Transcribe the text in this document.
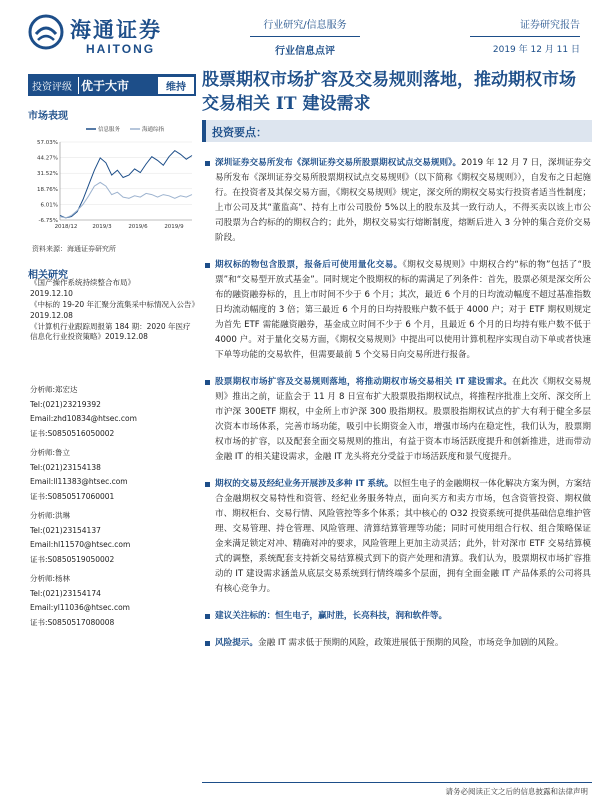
海通证券
HAITONG
行业研究/信息服务
行业信息点评
证券研究报告
2019 年 12 月 11 日
投资评级 优于大市	维持 股票期权市场扩容及交易规则落地，推动期权市场交易相关 IT 建设需求
市场表现
信息服务	海通综指
57.03%
44.27%
31.52%
18.76%
6.01%
-6.75%
2018/12	2019/3	2019/6	2019/9
资料来源：海通证券研究所
相关研究
《国产操作系统持续整合布局》
2019.12.10
《中标的 19-20 年汇聚分流集采中标情况入公告》2019.12.08
《计算机行业跟踪周报第 184 期：2020 年医疗信息化行业投资策略》2019.12.08
分析师:郑宏达
Tel:(021)23219392
Email:zhd10834@htsec.com
证书:S0850516050002
分析师:鲁立
Tel:(021)23154138
Email:ll11383@htsec.com
证书:S0850517060001
分析师:洪琳
Tel:(021)23154137
Email:hl11570@htsec.com
证书:S0850519050002
分析师:杨林
Tel:(021)23154174
Email:yl11036@htsec.com
证书:S0850517080008
投资要点：
深圳证券交易所发布《深圳证券交易所股票期权试点交易规则》。2019 年 12 月 7 日，深圳证券交易所发布《深圳证券交易所股票期权试点交易规则》（以下简称《期权交易规则》），自发布之日起施行。在投资者及其保交易方面，《期权交易规则》规定，深交所的期权交易实行投资者适当性制度；上市公司及其“董监高”、持有上市公司股份 5%以上的股东及其一致行动人，不得买卖以该上市公司股票为合约标的的期权合约；此外，期权交易实行熔断制度，熔断后进入 3 分钟的集合竞价交易阶段。
期权标的物包含股票，报备后可使用量化交易。《期权交易规则》中期权合约“标的物”包括了“股票”和“交易型开放式基金”。同时规定个股期权的标的需满足了列条件：首先，股票必须是深交所公布的融资融券标的，且上市时间不少于 6 个月；其次，最近 6 个月的日均流动幅度不超过基准指数日均流动幅度的 3 倍；第三最近 6 个月的日均持股账户数不低于 4000 户；对于 ETF 期权则规定为首先 ETF 需能融资融券，基金成立时间不少于 6 个月，且最近 6 个月的日均持有账户数不低于 4000 户。对于量化交易方面，《期权交易规则》中提出可以使用计算机程序实现自动下单或者快速下单等功能的交易软件，但需要最前 5 个交易日向交易所进行报备。
股票期权市场扩容及交易规则落地，将推动期权市场交易相关 IT 建设需求。在此次《期权交易规则》推出之前，证监会于 11 月 8 日宣布扩大股票股指期权试点，将推程序批准上交所、深交所上市沪深 300ETF 期权，中金所上市沪深 300 股指期权。股票股指期权试点的扩大有利于健全多层次资本市场体系，完善市场功能，吸引中长期资金入市，增强市场内在稳定性，我们认为，股票期权市场的扩容，以及配套全面交易规则的推出，有益于资本市场活跃度提升和创新推进，进而带动金融 IT 的相关建设需求，金融 IT 龙头将充分受益于市场活跃度和景气度提升。
期权的交易及经纪业务开展涉及多种 IT 系统。以恒生电子的金融期权一体化解决方案为例，方案结合金融期权交易特性和资管、经纪业务服务特点，面向买方和卖方市场，包含资管投资、期权做市、期权柜台、交易行情、风险管控等多个体系；其中核心的 O32 投资系统可提供基础信息维护管理、交易管理、持仓管理、风险管理、清算结算管理等功能；同时可使用组合行权、组合策略保证金来满足锁定对冲、精确对冲的要求，风险管理上更加主动灵活；此外，针对深市 ETF 交易结算模式的调整，系统配套支持新交易结算模式到下的资产处理和清算。我们认为，股票期权市场扩容推动的 IT 建设需求涵盖从底层交易系统到行情终端多个层面，拥有全面金融 IT 产品体系的公司将具有核心竞争力。
建议关注标的：恒生电子，赢时胜，长亮科技，润和软件等。
风险提示。金融 IT 需求低于预期的风险，政策进展低于预期的风险，市场竞争加剧的风险。
请务必阅读正文之后的信息披露和法律声明
